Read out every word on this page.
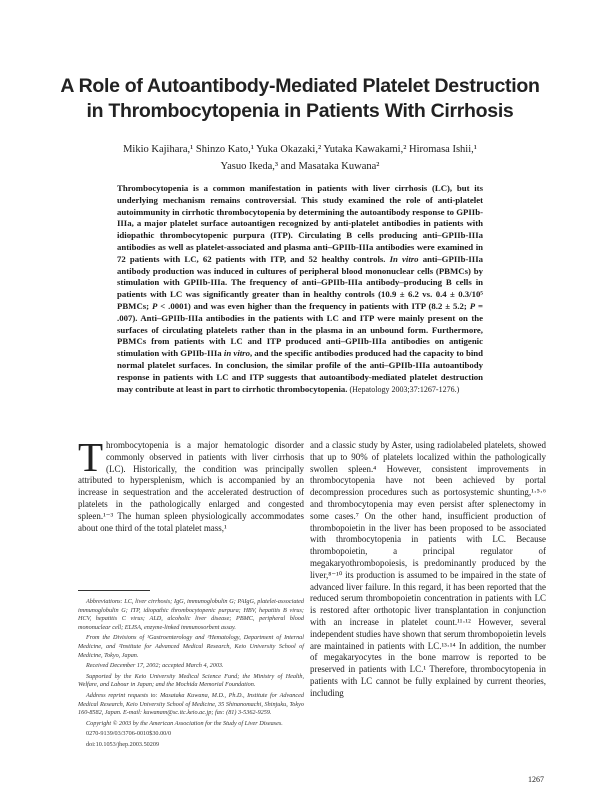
A Role of Autoantibody-Mediated Platelet Destruction
in Thrombocytopenia in Patients With Cirrhosis
Mikio Kajihara,¹ Shinzo Kato,¹ Yuka Okazaki,² Yutaka Kawakami,² Hiromasa Ishii,¹
Yasuo Ikeda,³ and Masataka Kuwana²

Thrombocytopenia is a common manifestation in patients with liver cirrhosis (LC), but its underlying mechanism remains controversial. This study examined the role of anti-platelet autoimmunity in cirrhotic thrombocytopenia by determining the autoantibody response to GPIIb-IIIa, a major platelet surface autoantigen recognized by anti-platelet antibodies in patients with idiopathic thrombocytopenic purpura (ITP). Circulating B cells producing anti–GPIIb-IIIa antibodies as well as platelet-associated and plasma anti–GPIIb-IIIa antibodies were examined in 72 patients with LC, 62 patients with ITP, and 52 healthy controls. In vitro anti–GPIIb-IIIa antibody production was induced in cultures of peripheral blood mononuclear cells (PBMCs) by stimulation with GPIIb-IIIa. The frequency of anti–GPIIb-IIIa antibody–producing B cells in patients with LC was significantly greater than in healthy controls (10.9 ± 6.2 vs. 0.4 ± 0.3/10⁵ PBMCs; P < .0001) and was even higher than the frequency in patients with ITP (8.2 ± 5.2; P = .007). Anti–GPIIb-IIIa antibodies in the patients with LC and ITP were mainly present on the surfaces of circulating platelets rather than in the plasma in an unbound form. Furthermore, PBMCs from patients with LC and ITP produced anti–GPIIb-IIIa antibodies on antigenic stimulation with GPIIb-IIIa in vitro, and the specific antibodies produced had the capacity to bind normal platelet surfaces. In conclusion, the similar profile of the anti–GPIIb-IIIa autoantibody response in patients with LC and ITP suggests that autoantibody-mediated platelet destruction may contribute at least in part to cirrhotic thrombocytopenia. (Hepatology 2003;37:1267-1276.)

Thrombocytopenia is a major hematologic disorder commonly observed in patients with liver cirrhosis (LC). Historically, the condition was principally attributed to hypersplenism, which is accompanied by an increase in sequestration and the accelerated destruction of platelets in the pathologically enlarged and congested spleen.¹⁻³ The human spleen physiologically accommodates about one third of the total platelet mass,¹

and a classic study by Aster, using radiolabeled platelets, showed that up to 90% of platelets localized within the pathologically swollen spleen.⁴ However, consistent improvements in thrombocytopenia have not been achieved by portal decompression procedures such as portosystemic shunting,¹·⁵·⁶ and thrombocytopenia may even persist after splenectomy in some cases.⁷ On the other hand, insufficient production of thrombopoietin in the liver has been proposed to be associated with thrombocytopenia in patients with LC. Because thrombopoietin, a principal regulator of megakaryothrombopoiesis, is predominantly produced by the liver,⁸⁻¹⁰ its production is assumed to be impaired in the state of advanced liver failure. In this regard, it has been reported that the reduced serum thrombopoietin concentration in patients with LC is restored after orthotopic liver transplantation in conjunction with an increase in platelet count.¹¹·¹² However, several independent studies have shown that serum thrombopoietin levels are maintained in patients with LC.¹³·¹⁴ In addition, the number of megakaryocytes in the bone marrow is reported to be preserved in patients with LC.¹ Therefore, thrombocytopenia in patients with LC cannot be fully explained by current theories, including

Abbreviations: LC, liver cirrhosis; IgG, immunoglobulin G; PAIgG, platelet-associated immunoglobulin G; ITP, idiopathic thrombocytopenic purpura; HBV, hepatitis B virus; HCV, hepatitis C virus; ALD, alcoholic liver disease; PBMC, peripheral blood mononuclear cell; ELISA, enzyme-linked immunosorbent assay.

From the Divisions of ¹Gastroenterology and ³Hematology, Department of Internal Medicine, and ²Institute for Advanced Medical Research, Keio University School of Medicine, Tokyo, Japan.

Received December 17, 2002; accepted March 4, 2003.

Supported by the Keio University Medical Science Fund; the Ministry of Health, Welfare, and Labour in Japan; and the Mochida Memorial Foundation.

Address reprint requests to: Masataka Kuwana, M.D., Ph.D., Institute for Advanced Medical Research, Keio University School of Medicine, 35 Shinanomachi, Shinjuku, Tokyo 160-8582, Japan. E-mail: kuwanam@sc.itc.keio.ac.jp; fax: (81) 3-5362-9259.

Copyright © 2003 by the American Association for the Study of Liver Diseases.

0270-9139/03/3706-0010$30.00/0

doi:10.1053/jhep.2003.50209

1267
